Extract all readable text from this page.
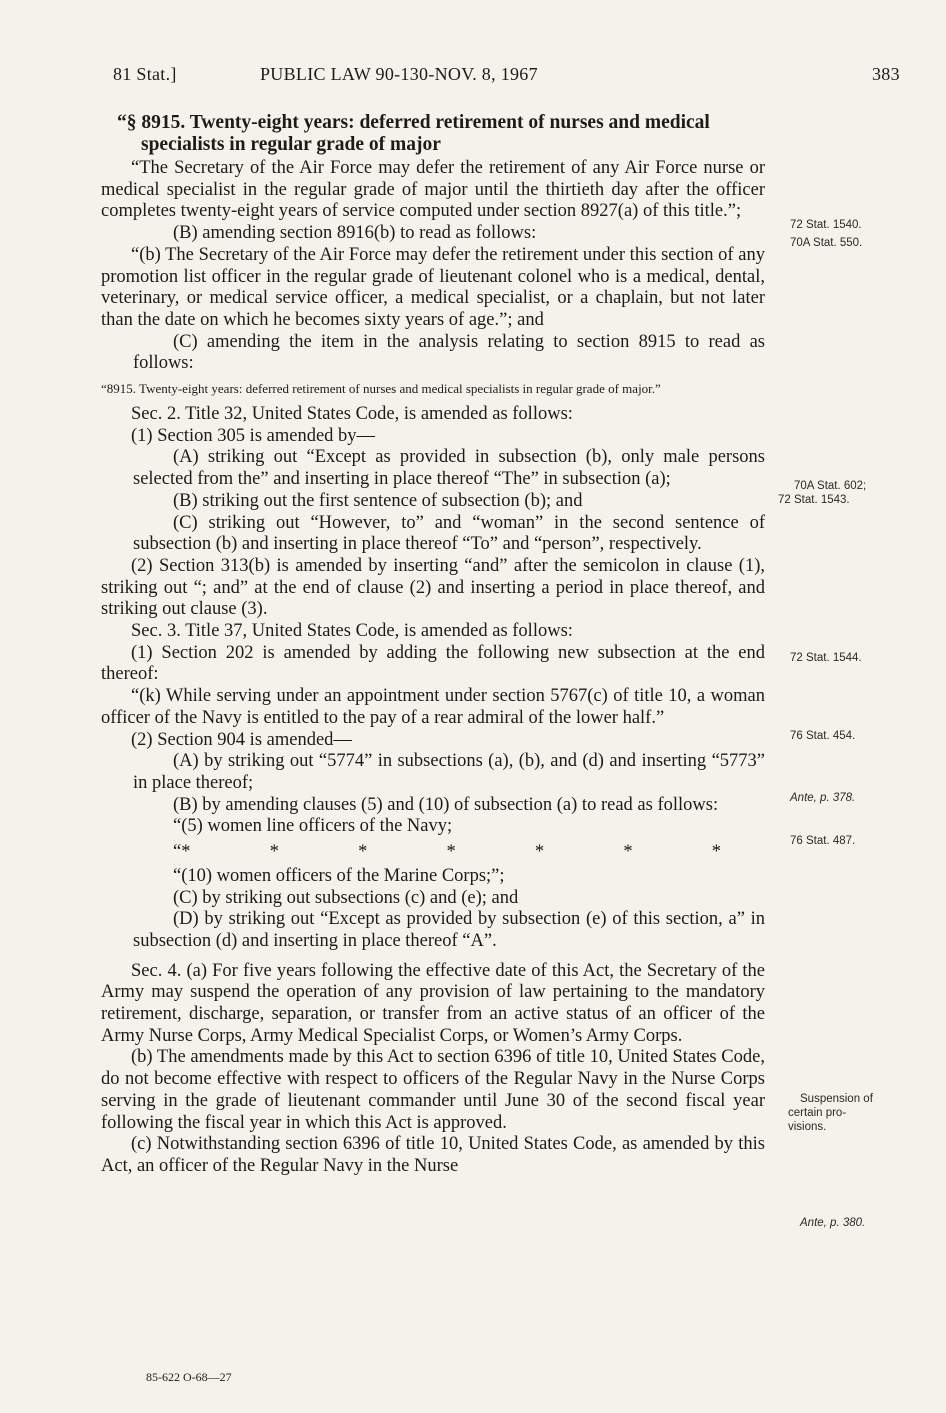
81 Stat.]	PUBLIC LAW 90-130-NOV. 8, 1967	383

“§ 8915. Twenty-eight years: deferred retirement of nurses and medical specialists in regular grade of major

“The Secretary of the Air Force may defer the retirement of any Air Force nurse or medical specialist in the regular grade of major until the thirtieth day after the officer completes twenty-eight years of service computed under section 8927(a) of this title.”;

(B) amending section 8916(b) to read as follows:

“(b) The Secretary of the Air Force may defer the retirement under this section of any promotion list officer in the regular grade of lieutenant colonel who is a medical, dental, veterinary, or medical service officer, a medical specialist, or a chaplain, but not later than the date on which he becomes sixty years of age.”; and

(C) amending the item in the analysis relating to section 8915 to read as follows:

“8915. Twenty-eight years: deferred retirement of nurses and medical specialists in regular grade of major.”

Sec. 2. Title 32, United States Code, is amended as follows:

(1) Section 305 is amended by—

(A) striking out “Except as provided in subsection (b), only male persons selected from the” and inserting in place thereof “The” in subsection (a);

(B) striking out the first sentence of subsection (b); and

(C) striking out “However, to” and “woman” in the second sentence of subsection (b) and inserting in place thereof “To” and “person”, respectively.

(2) Section 313(b) is amended by inserting “and” after the semicolon in clause (1), striking out “; and” at the end of clause (2) and inserting a period in place thereof, and striking out clause (3).

Sec. 3. Title 37, United States Code, is amended as follows:

(1) Section 202 is amended by adding the following new subsection at the end thereof:

“(k) While serving under an appointment under section 5767(c) of title 10, a woman officer of the Navy is entitled to the pay of a rear admiral of the lower half.”

(2) Section 904 is amended—

(A) by striking out “5774” in subsections (a), (b), and (d) and inserting “5773” in place thereof;

(B) by amending clauses (5) and (10) of subsection (a) to read as follows:

“(5) women line officers of the Navy;

“*	*	*	*	*	*	*

“(10) women officers of the Marine Corps;”;

(C) by striking out subsections (c) and (e); and

(D) by striking out “Except as provided by subsection (e) of this section, a” in subsection (d) and inserting in place thereof “A”.

Sec. 4. (a) For five years following the effective date of this Act, the Secretary of the Army may suspend the operation of any provision of law pertaining to the mandatory retirement, discharge, separation, or transfer from an active status of an officer of the Army Nurse Corps, Army Medical Specialist Corps, or Women’s Army Corps.

(b) The amendments made by this Act to section 6396 of title 10, United States Code, do not become effective with respect to officers of the Regular Navy in the Nurse Corps serving in the grade of lieutenant commander until June 30 of the second fiscal year following the fiscal year in which this Act is approved.

(c) Notwithstanding section 6396 of title 10, United States Code, as amended by this Act, an officer of the Regular Navy in the Nurse

72 Stat. 1540.
70A Stat. 550.
70A Stat. 602;
72 Stat. 1543.
72 Stat. 1544.
76 Stat. 454.
Ante, p. 378.
76 Stat. 487.
Suspension of
certain pro-
visions.
Ante, p. 380.
85-622 O-68—27
